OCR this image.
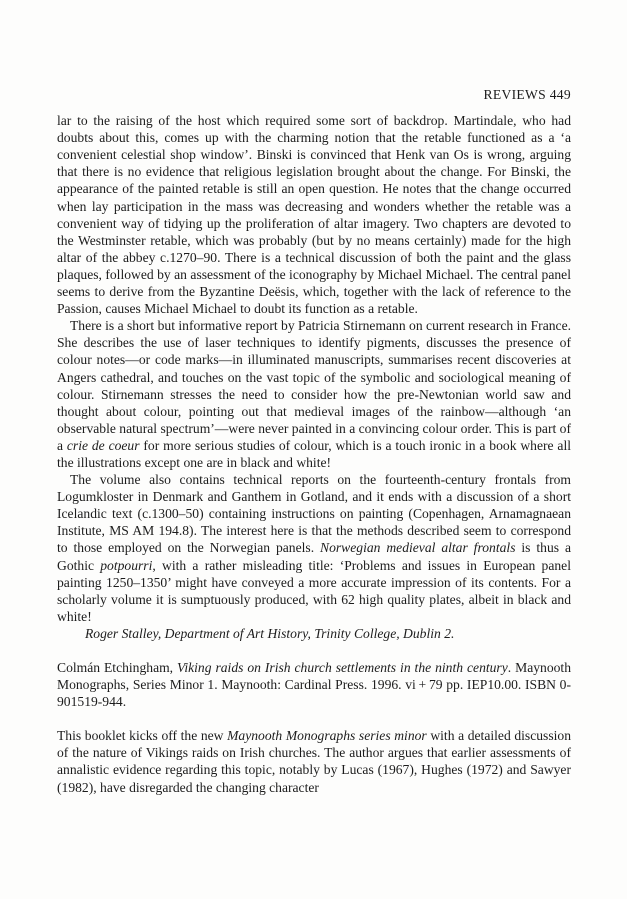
REVIEWS 449

lar to the raising of the host which required some sort of backdrop. Martindale, who had doubts about this, comes up with the charming notion that the retable functioned as a ‘a convenient celestial shop window’. Binski is convinced that Henk van Os is wrong, arguing that there is no evidence that religious legislation brought about the change. For Binski, the appearance of the painted retable is still an open question. He notes that the change occurred when lay participation in the mass was decreasing and wonders whether the retable was a convenient way of tidying up the proliferation of altar imagery. Two chapters are devoted to the Westminster retable, which was probably (but by no means certainly) made for the high altar of the abbey c.1270–90. There is a technical discussion of both the paint and the glass plaques, followed by an assessment of the iconography by Michael Michael. The central panel seems to derive from the Byzantine Deësis, which, together with the lack of reference to the Passion, causes Michael Michael to doubt its function as a retable.

There is a short but informative report by Patricia Stirnemann on current research in France. She describes the use of laser techniques to identify pigments, discusses the presence of colour notes—or code marks—in illuminated manuscripts, summarises recent discoveries at Angers cathedral, and touches on the vast topic of the symbolic and sociological meaning of colour. Stirnemann stresses the need to consider how the pre-Newtonian world saw and thought about colour, pointing out that medieval images of the rainbow—although ‘an observable natural spectrum’—were never painted in a convincing colour order. This is part of a crie de coeur for more serious studies of colour, which is a touch ironic in a book where all the illustrations except one are in black and white!

The volume also contains technical reports on the fourteenth-century frontals from Logumkloster in Denmark and Ganthem in Gotland, and it ends with a discussion of a short Icelandic text (c.1300–50) containing instructions on painting (Copenhagen, Arnamagnaean Institute, MS AM 194.8). The interest here is that the methods described seem to correspond to those employed on the Norwegian panels. Norwegian medieval altar frontals is thus a Gothic potpourri, with a rather misleading title: ‘Problems and issues in European panel painting 1250–1350’ might have conveyed a more accurate impression of its contents. For a scholarly volume it is sumptuously produced, with 62 high quality plates, albeit in black and white!

Roger Stalley, Department of Art History, Trinity College, Dublin 2.

Colmán Etchingham, Viking raids on Irish church settlements in the ninth century. Maynooth Monographs, Series Minor 1. Maynooth: Cardinal Press. 1996. vi + 79 pp. IEP10.00. ISBN 0-901519-944.

This booklet kicks off the new Maynooth Monographs series minor with a detailed discussion of the nature of Vikings raids on Irish churches. The author argues that earlier assessments of annalistic evidence regarding this topic, notably by Lucas (1967), Hughes (1972) and Sawyer (1982), have disregarded the changing character
